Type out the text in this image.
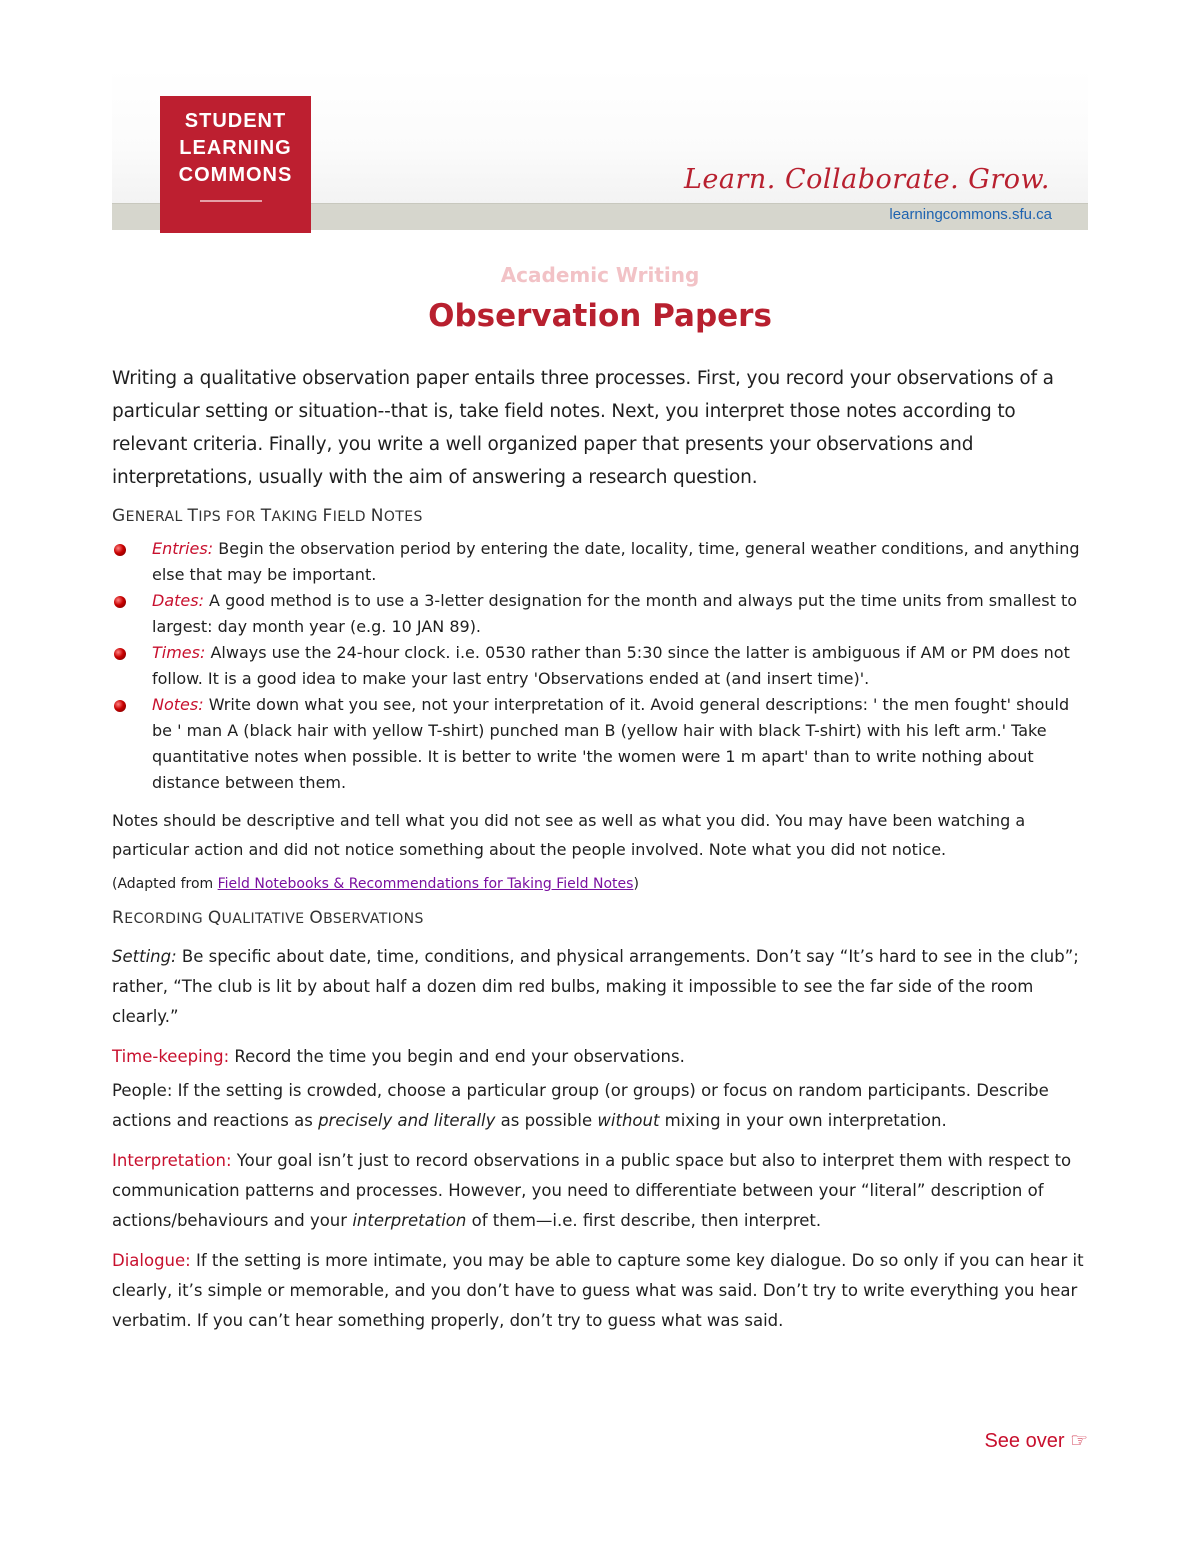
STUDENT
LEARNING
COMMONS	Learn. Collaborate. Grow.
learningcommons.sfu.ca
Academic Writing
Observation Papers

Writing a qualitative observation paper entails three processes. First, you record your observations of a particular setting or situation--that is, take field notes. Next, you interpret those notes according to relevant criteria. Finally, you write a well organized paper that presents your observations and interpretations, usually with the aim of answering a research question.

GENERAL TIPS FOR TAKING FIELD NOTES
Entries: Begin the observation period by entering the date, locality, time, general weather conditions, and anything else that may be important.
Dates: A good method is to use a 3-letter designation for the month and always put the time units from smallest to largest: day month year (e.g. 10 JAN 89).
Times: Always use the 24-hour clock. i.e. 0530 rather than 5:30 since the latter is ambiguous if AM or PM does not follow. It is a good idea to make your last entry 'Observations ended at (and insert time)'.
Notes: Write down what you see, not your interpretation of it. Avoid general descriptions: ' the men fought' should be ' man A (black hair with yellow T-shirt) punched man B (yellow hair with black T-shirt) with his left arm.' Take quantitative notes when possible. It is better to write 'the women were 1 m apart' than to write nothing about distance between them.

Notes should be descriptive and tell what you did not see as well as what you did. You may have been watching a particular action and did not notice something about the people involved. Note what you did not notice.

(Adapted from Field Notebooks & Recommendations for Taking Field Notes)

RECORDING QUALITATIVE OBSERVATIONS

Setting: Be specific about date, time, conditions, and physical arrangements. Don’t say “It’s hard to see in the club”; rather, “The club is lit by about half a dozen dim red bulbs, making it impossible to see the far side of the room clearly.”

Time-keeping: Record the time you begin and end your observations.

People: If the setting is crowded, choose a particular group (or groups) or focus on random participants. Describe actions and reactions as precisely and literally as possible without mixing in your own interpretation.

Interpretation: Your goal isn’t just to record observations in a public space but also to interpret them with respect to communication patterns and processes. However, you need to differentiate between your “literal” description of actions/behaviours and your interpretation of them—i.e. first describe, then interpret.

Dialogue: If the setting is more intimate, you may be able to capture some key dialogue. Do so only if you can hear it clearly, it’s simple or memorable, and you don’t have to guess what was said. Don’t try to write everything you hear verbatim. If you can’t hear something properly, don’t try to guess what was said.

See over ☞
